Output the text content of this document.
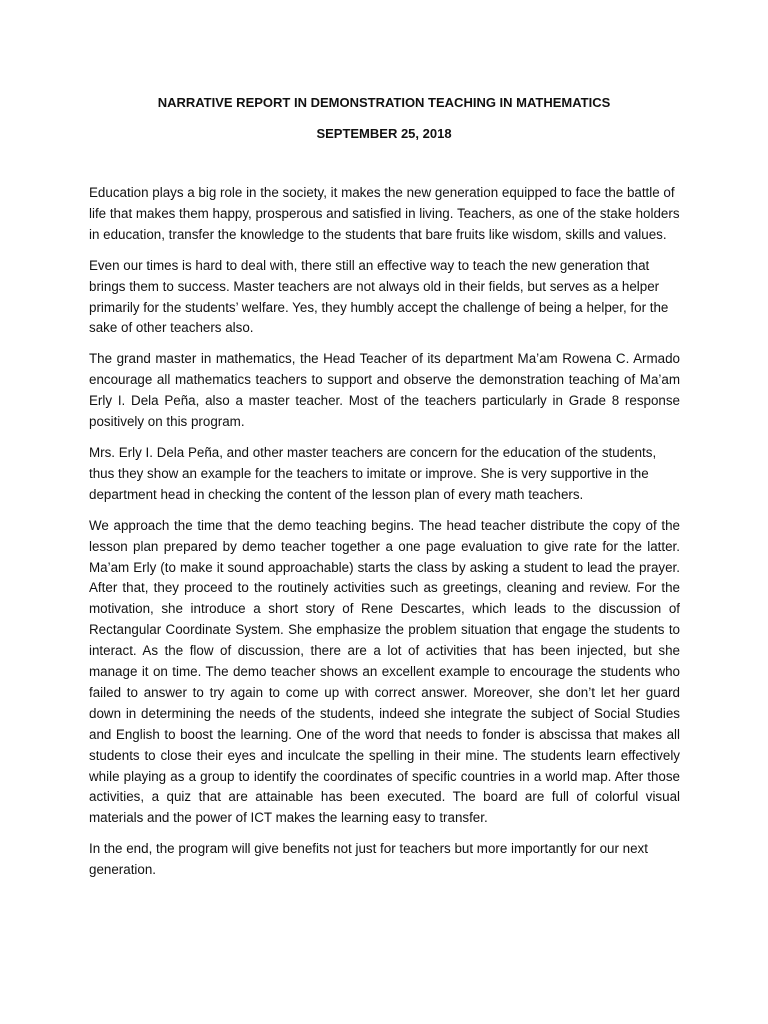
NARRATIVE REPORT IN DEMONSTRATION TEACHING IN MATHEMATICS
SEPTEMBER 25, 2018

Education plays a big role in the society, it makes the new generation equipped to face the battle of life that makes them happy, prosperous and satisfied in living. Teachers, as one of the stake holders in education, transfer the knowledge to the students that bare fruits like wisdom, skills and values.

Even our times is hard to deal with, there still an effective way to teach the new generation that brings them to success. Master teachers are not always old in their fields, but serves as a helper primarily for the students’ welfare. Yes, they humbly accept the challenge of being a helper, for the sake of other teachers also.

The grand master in mathematics, the Head Teacher of its department Ma’am Rowena C. Armado encourage all mathematics teachers to support and observe the demonstration teaching of Ma’am Erly I. Dela Peña, also a master teacher. Most of the teachers particularly in Grade 8 response positively on this program.

Mrs. Erly I. Dela Peña, and other master teachers are concern for the education of the students, thus they show an example for the teachers to imitate or improve. She is very supportive in the department head in checking the content of the lesson plan of every math teachers.

We approach the time that the demo teaching begins. The head teacher distribute the copy of the lesson plan prepared by demo teacher together a one page evaluation to give rate for the latter. Ma’am Erly (to make it sound approachable) starts the class by asking a student to lead the prayer. After that, they proceed to the routinely activities such as greetings, cleaning and review. For the motivation, she introduce a short story of Rene Descartes, which leads to the discussion of Rectangular Coordinate System. She emphasize the problem situation that engage the students to interact. As the flow of discussion, there are a lot of activities that has been injected, but she manage it on time. The demo teacher shows an excellent example to encourage the students who failed to answer to try again to come up with correct answer. Moreover, she don’t let her guard down in determining the needs of the students, indeed she integrate the subject of Social Studies and English to boost the learning. One of the word that needs to fonder is abscissa that makes all students to close their eyes and inculcate the spelling in their mine. The students learn effectively while playing as a group to identify the coordinates of specific countries in a world map. After those activities, a quiz that are attainable has been executed. The board are full of colorful visual materials and the power of ICT makes the learning easy to transfer.

In the end, the program will give benefits not just for teachers but more importantly for our next generation.
